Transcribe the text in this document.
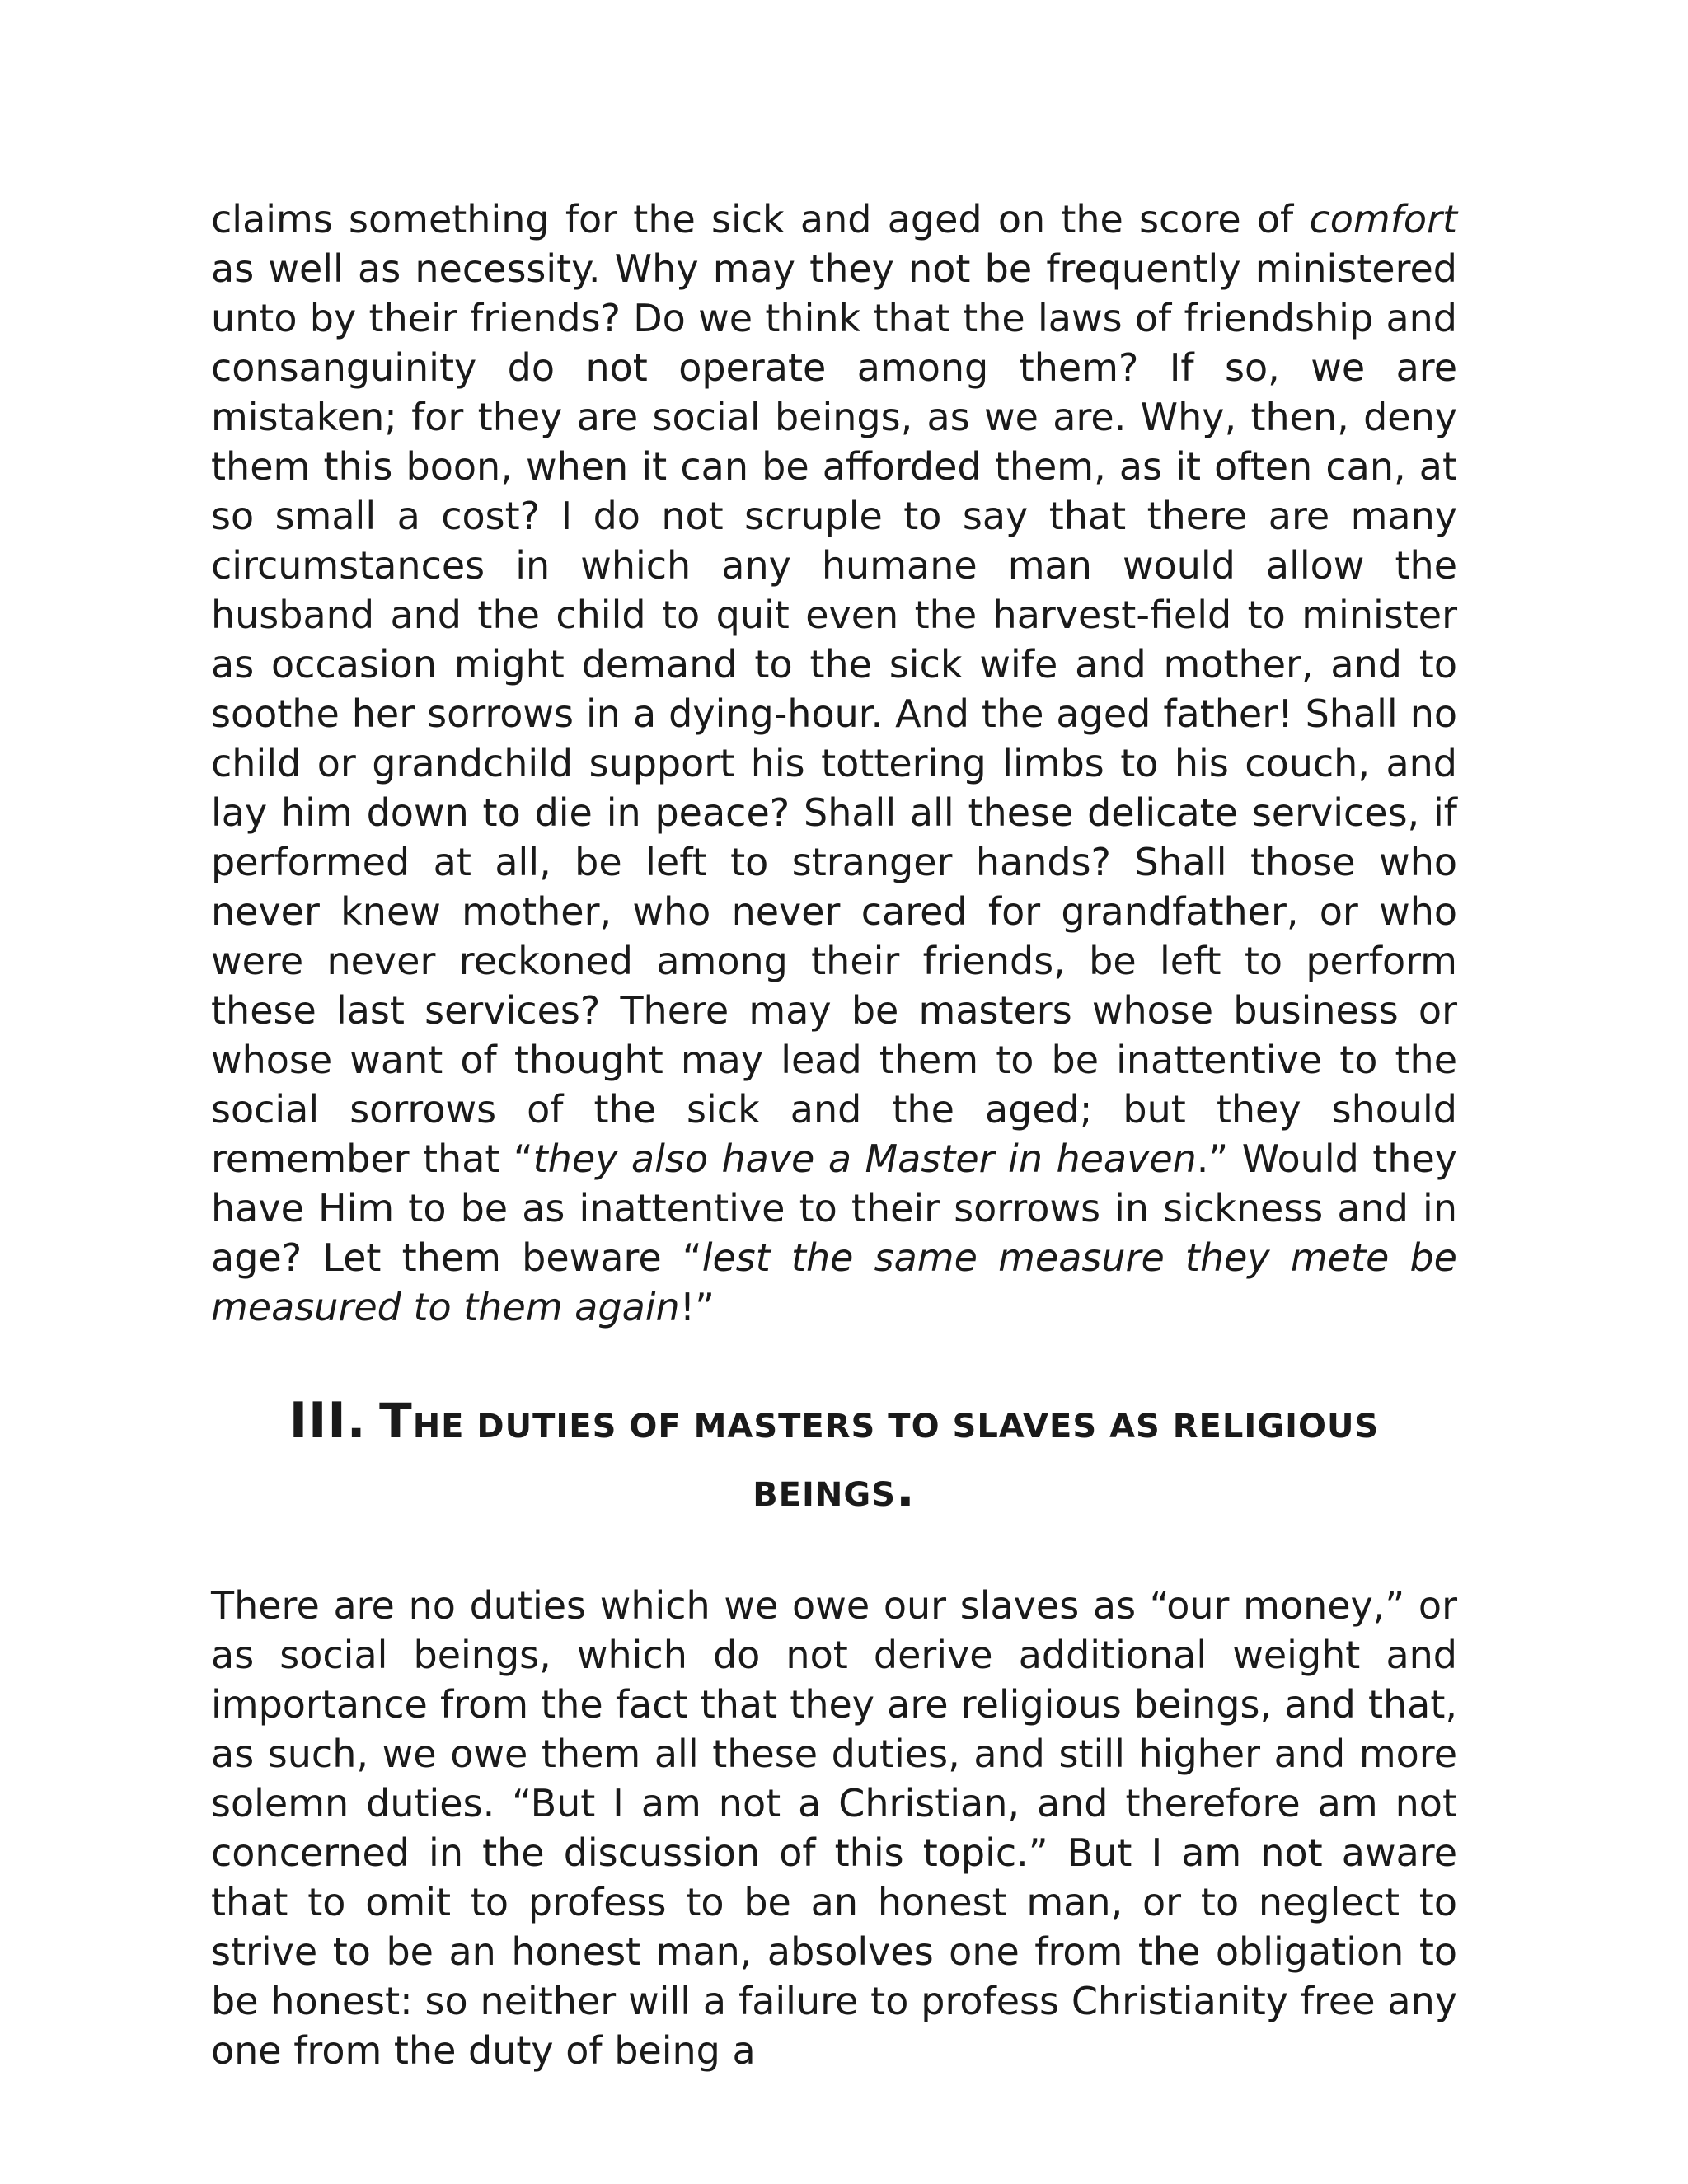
claims something for the sick and aged on the score of comfort as well as necessity. Why may they not be frequently ministered unto by their friends? Do we think that the laws of friendship and consanguinity do not operate among them? If so, we are mistaken; for they are social beings, as we are. Why, then, deny them this boon, when it can be afforded them, as it often can, at so small a cost? I do not scruple to say that there are many circumstances in which any humane man would allow the husband and the child to quit even the harvest-field to minister as occasion might demand to the sick wife and mother, and to soothe her sorrows in a dying-hour. And the aged father! Shall no child or grandchild support his tottering limbs to his couch, and lay him down to die in peace? Shall all these delicate services, if performed at all, be left to stranger hands? Shall those who never knew mother, who never cared for grandfather, or who were never reckoned among their friends, be left to perform these last services? There may be masters whose business or whose want of thought may lead them to be inattentive to the social sorrows of the sick and the aged; but they should remember that “they also have a Master in heaven.” Would they have Him to be as inattentive to their sorrows in sickness and in age? Let them beware “lest the same measure they mete be measured to them again!”

III. THE DUTIES OF MASTERS TO SLAVES AS RELIGIOUS BEINGS.

There are no duties which we owe our slaves as “our money,” or as social beings, which do not derive additional weight and importance from the fact that they are religious beings, and that, as such, we owe them all these duties, and still higher and more solemn duties. “But I am not a Christian, and therefore am not concerned in the discussion of this topic.” But I am not aware that to omit to profess to be an honest man, or to neglect to strive to be an honest man, absolves one from the obligation to be honest: so neither will a failure to profess Christianity free any one from the duty of being a
